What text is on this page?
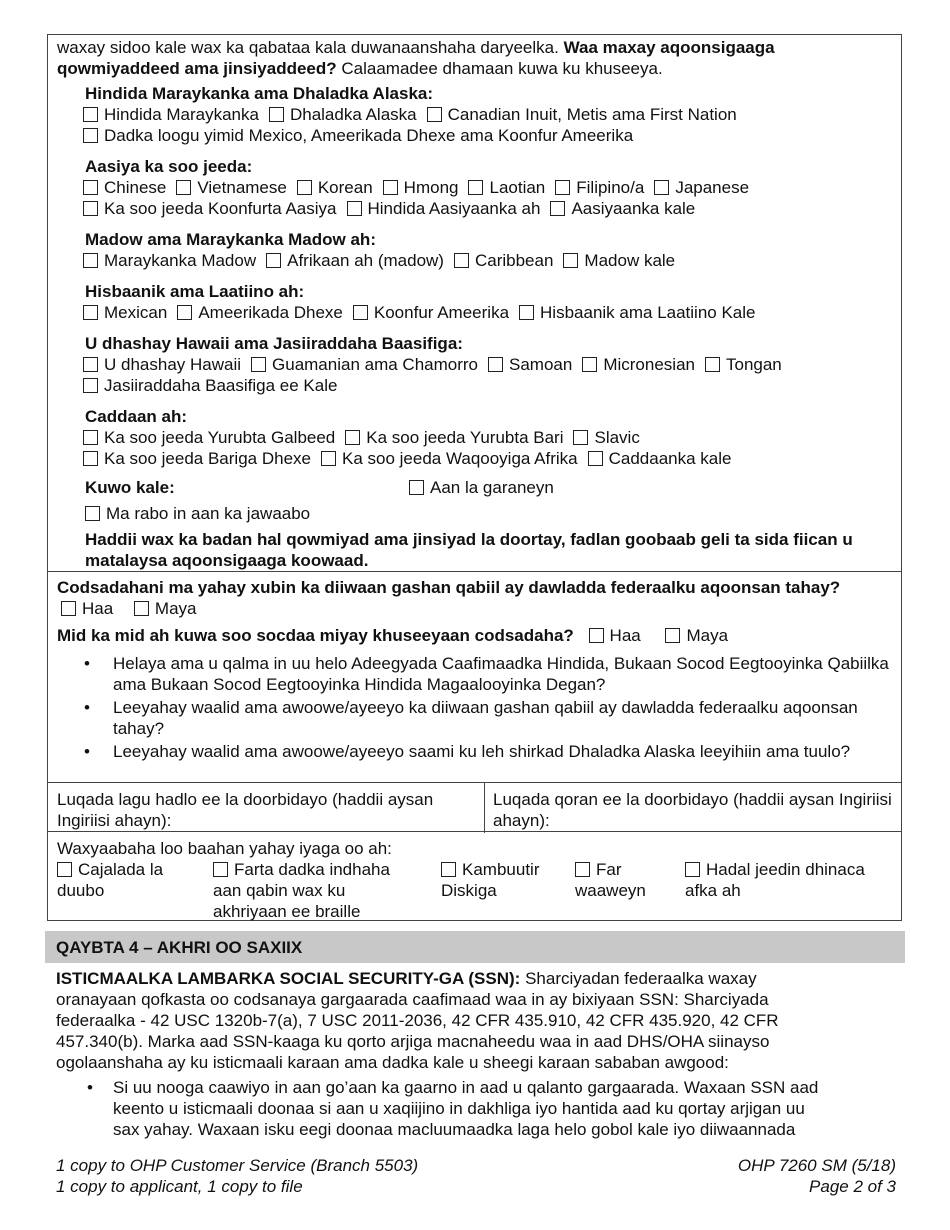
waxay sidoo kale wax ka qabataa kala duwanaanshaha daryeelka. Waa maxay aqoonsigaaga qowmiyaddeed ama jinsiyaddeed? Calaamadee dhamaan kuwa ku khuseeya.
Hindida Maraykanka ama Dhaladka Alaska:
Hindida Maraykanka Dhaladka Alaska Canadian Inuit, Metis ama First Nation
Dadka loogu yimid Mexico, Ameerikada Dhexe ama Koonfur Ameerika
Aasiya ka soo jeeda:
Chinese Vietnamese Korean Hmong Laotian Filipino/a Japanese
Ka soo jeeda Koonfurta Aasiya Hindida Aasiyaanka ah Aasiyaanka kale
Madow ama Maraykanka Madow ah:
Maraykanka Madow Afrikaan ah (madow) Caribbean Madow kale
Hisbaanik ama Laatiino ah:
Mexican Ameerikada Dhexe Koonfur Ameerika Hisbaanik ama Laatiino Kale
U dhashay Hawaii ama Jasiiraddaha Baasifiga:
U dhashay Hawaii Guamanian ama Chamorro Samoan Micronesian Tongan
Jasiiraddaha Baasifiga ee Kale
Caddaan ah:
Ka soo jeeda Yurubta Galbeed Ka soo jeeda Yurubta Bari Slavic
Ka soo jeeda Bariga Dhexe Ka soo jeeda Waqooyiga Afrika Caddaanka kale
Kuwo kale:	Aan la garaneyn
Ma rabo in aan ka jawaabo
Haddii wax ka badan hal qowmiyad ama jinsiyad la doortay, fadlan goobaab geli ta sida fiican u matalaysa aqoonsigaaga koowaad.
Codsadahani ma yahay xubin ka diiwaan gashan qabiil ay dawladda federaalku aqoonsan tahay? Haa Maya
Mid ka mid ah kuwa soo socdaa miyay khuseeyaan codsadaha? Haa	Maya
• Helaya ama u qalma in uu helo Adeegyada Caafimaadka Hindida, Bukaan Socod Eegtooyinka Qabiilka ama Bukaan Socod Eegtooyinka Hindida Magaalooyinka Degan?
• Leeyahay waalid ama awoowe/ayeeyo ka diiwaan gashan qabiil ay dawladda federaalku aqoonsan tahay?
• Leeyahay waalid ama awoowe/ayeeyo saami ku leh shirkad Dhaladka Alaska leeyihiin ama tuulo?
Luqada lagu hadlo ee la doorbidayo (haddii aysan Ingiriisi ahayn):
Luqada qoran ee la doorbidayo (haddii aysan Ingiriisi ahayn):
Waxyaabaha loo baahan yahay iyaga oo ah:
Cajalada la
duubo
Farta dadka indhaha
aan qabin wax ku
akhriyaan ee braille
Kambuutir
Diskiga
Far
waaweyn
Hadal jeedin dhinaca
afka ah
QAYBTA 4 – AKHRI OO SAXIIX
ISTICMAALKA LAMBARKA SOCIAL SECURITY-GA (SSN): Sharciyadan federaalka waxay
oranayaan qofkasta oo codsanaya gargaarada caafimaad waa in ay bixiyaan SSN: Sharciyada
federaalka - 42 USC 1320b-7(a), 7 USC 2011-2036, 42 CFR 435.910, 42 CFR 435.920, 42 CFR
457.340(b). Marka aad SSN-kaaga ku qorto arjiga macnaheedu waa in aad DHS/OHA siinayso
ogolaanshaha ay ku isticmaali karaan ama dadka kale u sheegi karaan sababan awgood:
• Si uu nooga caawiyo in aan go’aan ka gaarno in aad u qalanto gargaarada. Waxaan SSN aad
keento u isticmaali doonaa si aan u xaqiijino in dakhliga iyo hantida aad ku qortay arjigan uu
sax yahay. Waxaan isku eegi doonaa macluumaadka laga helo gobol kale iyo diiwaannada
1 copy to OHP Customer Service (Branch 5503)
1 copy to applicant, 1 copy to file
OHP 7260 SM (5/18)
Page 2 of 3
